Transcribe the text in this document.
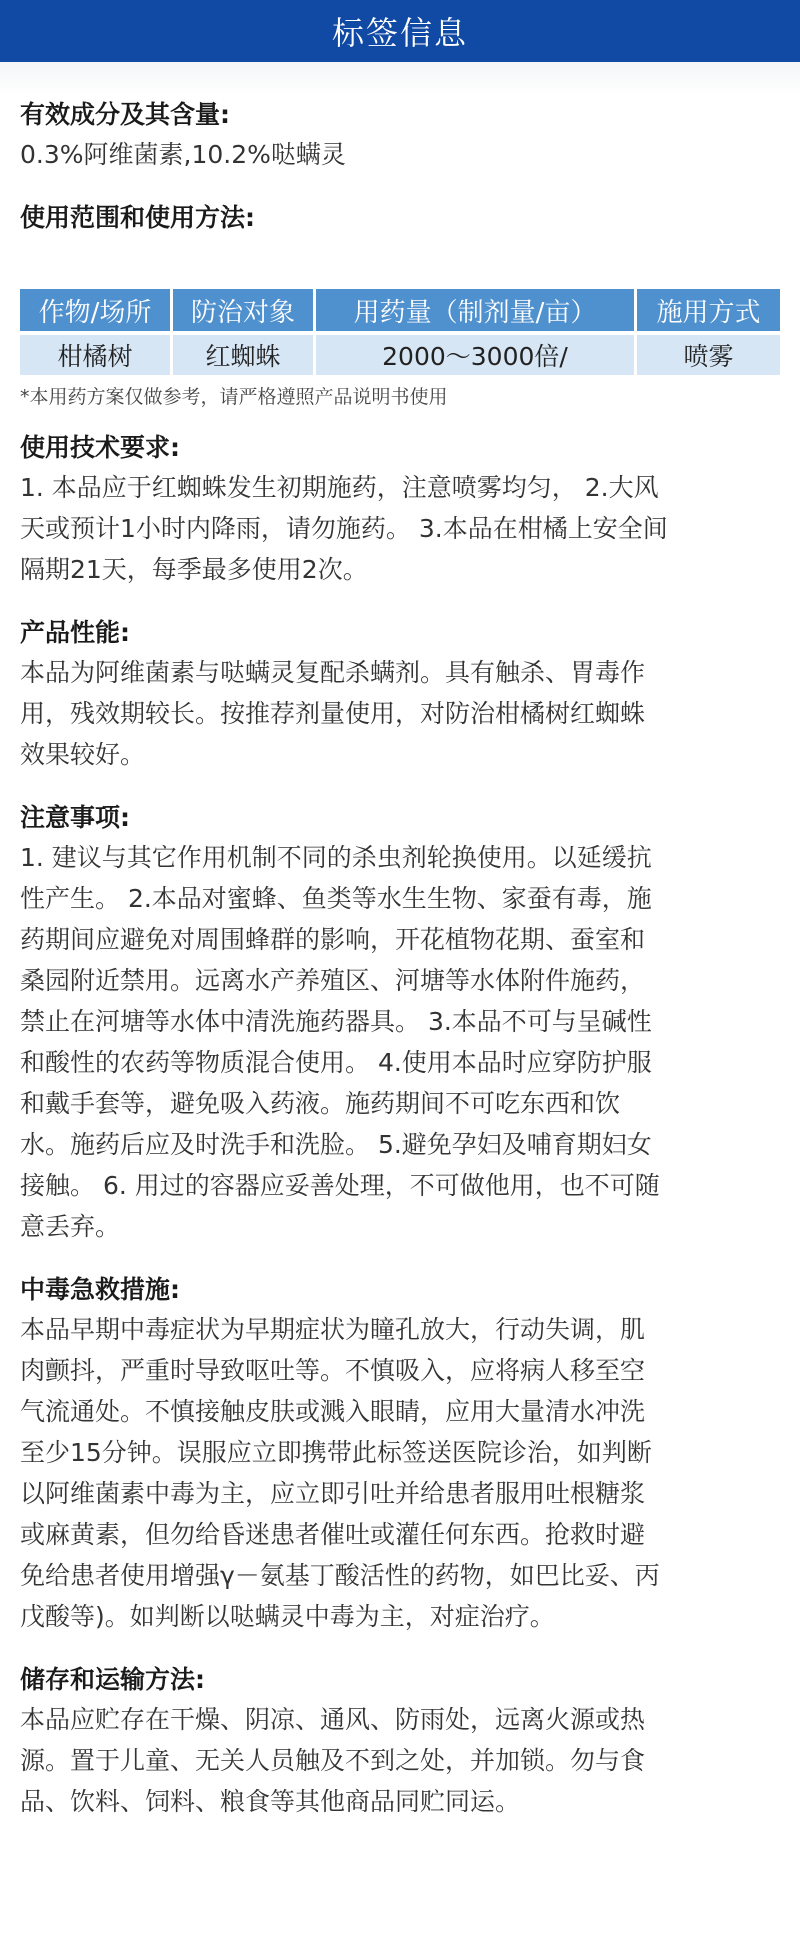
标签信息

有效成分及其含量:

0.3%阿维菌素,10.2%哒螨灵

使用范围和使用方法:

作物/场所	防治对象	用药量（制剂量/亩）	施用方式
柑橘树	红蜘蛛	2000～3000倍/	喷雾

*本用药方案仅做参考，请严格遵照产品说明书使用

使用技术要求:

1. 本品应于红蜘蛛发生初期施药，注意喷雾均匀， 2.大风

天或预计1小时内降雨，请勿施药。 3.本品在柑橘上安全间

隔期21天，每季最多使用2次。

产品性能:

本品为阿维菌素与哒螨灵复配杀螨剂。具有触杀、胃毒作

用，残效期较长。按推荐剂量使用，对防治柑橘树红蜘蛛

效果较好。

注意事项:

1. 建议与其它作用机制不同的杀虫剂轮换使用。以延缓抗

性产生。 2.本品对蜜蜂、鱼类等水生生物、家蚕有毒，施

药期间应避免对周围蜂群的影响，开花植物花期、蚕室和

桑园附近禁用。远离水产养殖区、河塘等水体附件施药，

禁止在河塘等水体中清洗施药器具。 3.本品不可与呈碱性

和酸性的农药等物质混合使用。 4.使用本品时应穿防护服

和戴手套等，避免吸入药液。施药期间不可吃东西和饮

水。施药后应及时洗手和洗脸。 5.避免孕妇及哺育期妇女

接触。 6. 用过的容器应妥善处理，不可做他用，也不可随

意丢弃。

中毒急救措施:

本品早期中毒症状为早期症状为瞳孔放大，行动失调，肌

肉颤抖，严重时导致呕吐等。不慎吸入，应将病人移至空

气流通处。不慎接触皮肤或溅入眼睛，应用大量清水冲洗

至少15分钟。误服应立即携带此标签送医院诊治，如判断

以阿维菌素中毒为主，应立即引吐并给患者服用吐根糖浆

或麻黄素，但勿给昏迷患者催吐或灌任何东西。抢救时避

免给患者使用增强γ－氨基丁酸活性的药物，如巴比妥、丙

戊酸等)。如判断以哒螨灵中毒为主，对症治疗。

储存和运输方法:

本品应贮存在干燥、阴凉、通风、防雨处，远离火源或热

源。置于儿童、无关人员触及不到之处，并加锁。勿与食

品、饮料、饲料、粮食等其他商品同贮同运。
